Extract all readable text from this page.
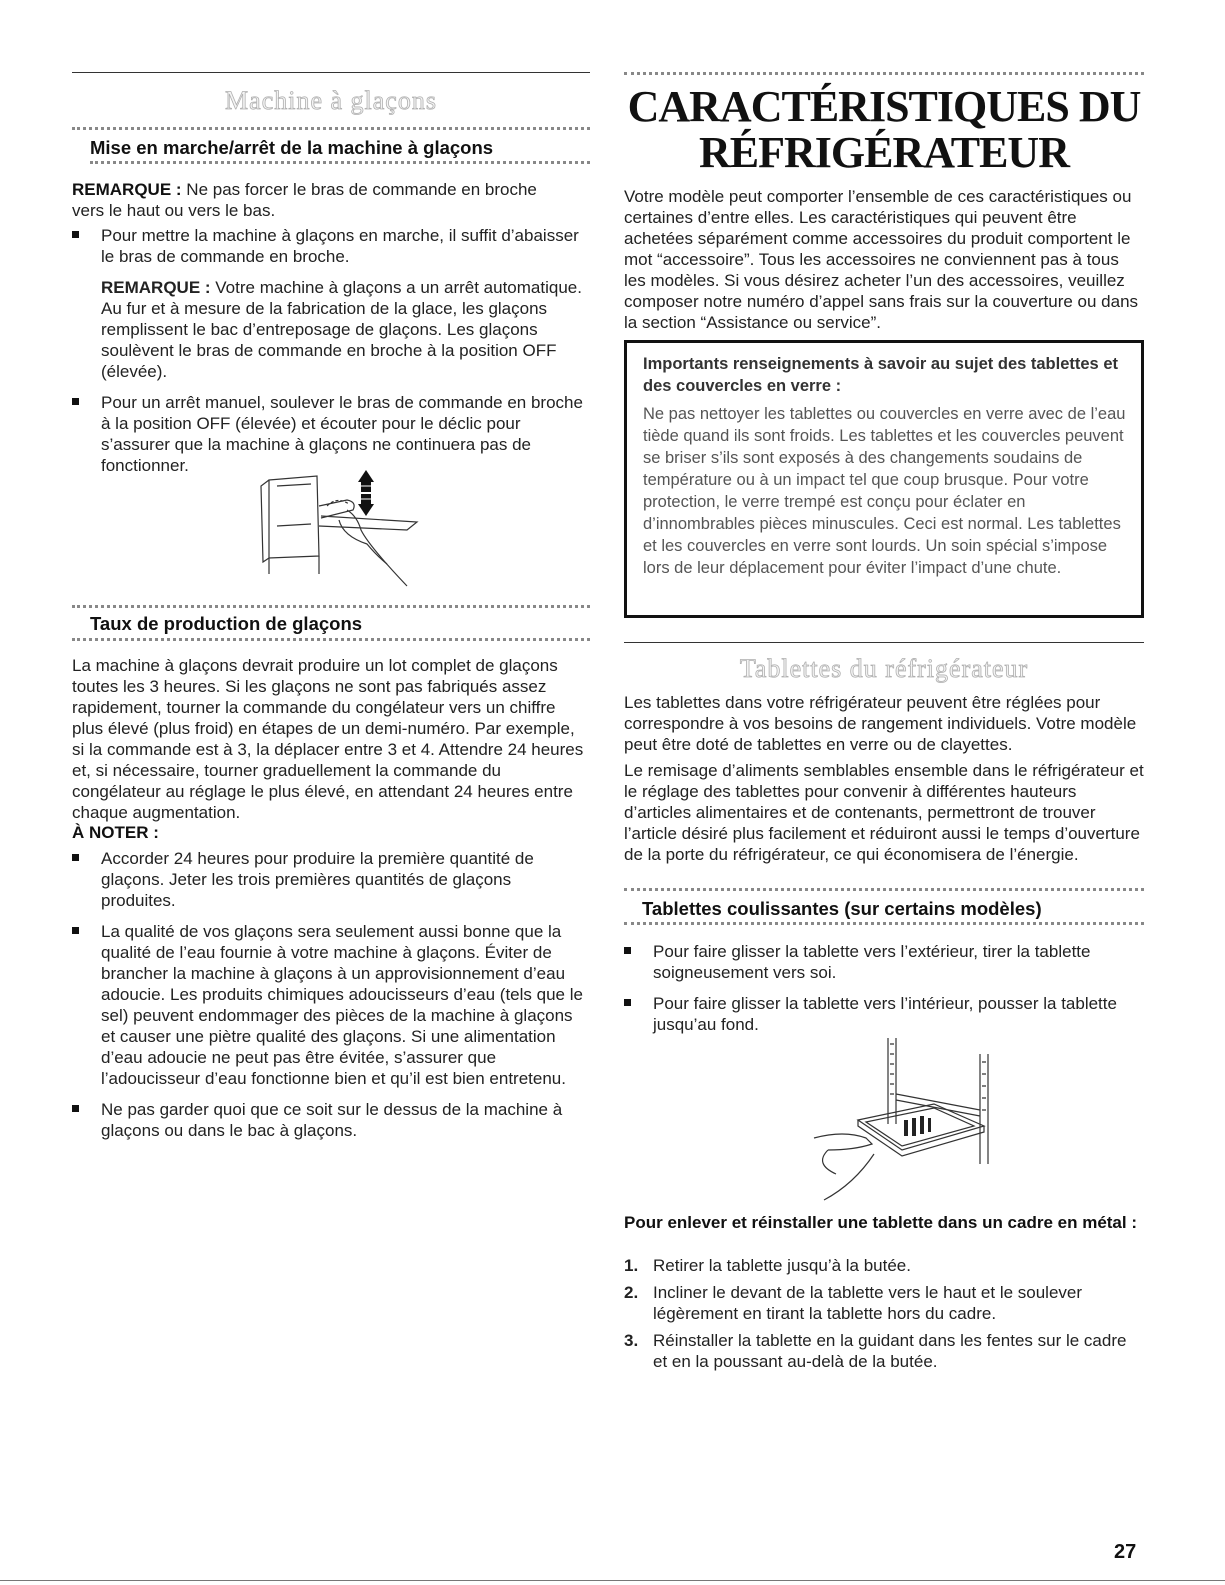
Machine à glaçons
Mise en marche/arrêt de la machine à glaçons

REMARQUE : Ne pas forcer le bras de commande en broche vers le haut ou vers le bas.

Pour mettre la machine à glaçons en marche, il suffit d’abaisser le bras de commande en broche.
REMARQUE : Votre machine à glaçons a un arrêt automatique. Au fur et à mesure de la fabrication de la glace, les glaçons remplissent le bac d’entreposage de glaçons. Les glaçons soulèvent le bras de commande en broche à la position OFF (élevée).
Pour un arrêt manuel, soulever le bras de commande en broche à la position OFF (élevée) et écouter pour le déclic pour s’assurer que la machine à glaçons ne continuera pas de fonctionner.
Taux de production de glaçons

La machine à glaçons devrait produire un lot complet de glaçons toutes les 3 heures. Si les glaçons ne sont pas fabriqués assez rapidement, tourner la commande du congélateur vers un chiffre plus élevé (plus froid) en étapes de un demi-numéro. Par exemple, si la commande est à 3, la déplacer entre 3 et 4. Attendre 24 heures et, si nécessaire, tourner graduellement la commande du congélateur au réglage le plus élevé, en attendant 24 heures entre chaque augmentation.

À NOTER :
Accorder 24 heures pour produire la première quantité de glaçons. Jeter les trois premières quantités de glaçons produites.
La qualité de vos glaçons sera seulement aussi bonne que la qualité de l’eau fournie à votre machine à glaçons. Éviter de brancher la machine à glaçons à un approvisionnement d’eau adoucie. Les produits chimiques adoucisseurs d’eau (tels que le sel) peuvent endommager des pièces de la machine à glaçons et causer une piètre qualité des glaçons. Si une alimentation d’eau adoucie ne peut pas être évitée, s’assurer que l’adoucisseur d’eau fonctionne bien et qu’il est bien entretenu.
Ne pas garder quoi que ce soit sur le dessus de la machine à glaçons ou dans le bac à glaçons.
CARACTÉRISTIQUES DU
RÉFRIGÉRATEUR

Votre modèle peut comporter l’ensemble de ces caractéristiques ou certaines d’entre elles. Les caractéristiques qui peuvent être achetées séparément comme accessoires du produit comportent le mot “accessoire”. Tous les accessoires ne conviennent pas à tous les modèles. Si vous désirez acheter l’un des accessoires, veuillez composer notre numéro d’appel sans frais sur la couverture ou dans la section “Assistance ou service”.

Importants renseignements à savoir au sujet des tablettes et des couvercles en verre :
Ne pas nettoyer les tablettes ou couvercles en verre avec de l’eau tiède quand ils sont froids. Les tablettes et les couvercles peuvent se briser s’ils sont exposés à des changements soudains de température ou à un impact tel que coup brusque. Pour votre protection, le verre trempé est conçu pour éclater en d’innombrables pièces minuscules. Ceci est normal. Les tablettes et les couvercles en verre sont lourds. Un soin spécial s’impose lors de leur déplacement pour éviter l’impact d’une chute.
Tablettes du réfrigérateur

Les tablettes dans votre réfrigérateur peuvent être réglées pour correspondre à vos besoins de rangement individuels. Votre modèle peut être doté de tablettes en verre ou de clayettes.

Le remisage d’aliments semblables ensemble dans le réfrigérateur et le réglage des tablettes pour convenir à différentes hauteurs d’articles alimentaires et de contenants, permettront de trouver l’article désiré plus facilement et réduiront aussi le temps d’ouverture de la porte du réfrigérateur, ce qui économisera de l’énergie.

Tablettes coulissantes (sur certains modèles)
Pour faire glisser la tablette vers l’extérieur, tirer la tablette soigneusement vers soi.
Pour faire glisser la tablette vers l’intérieur, pousser la tablette jusqu’au fond.
Pour enlever et réinstaller une tablette dans un cadre en métal :
1. Retirer la tablette jusqu’à la butée.
2. Incliner le devant de la tablette vers le haut et le soulever légèrement en tirant la tablette hors du cadre.
3. Réinstaller la tablette en la guidant dans les fentes sur le cadre et en la poussant au-delà de la butée.
27
